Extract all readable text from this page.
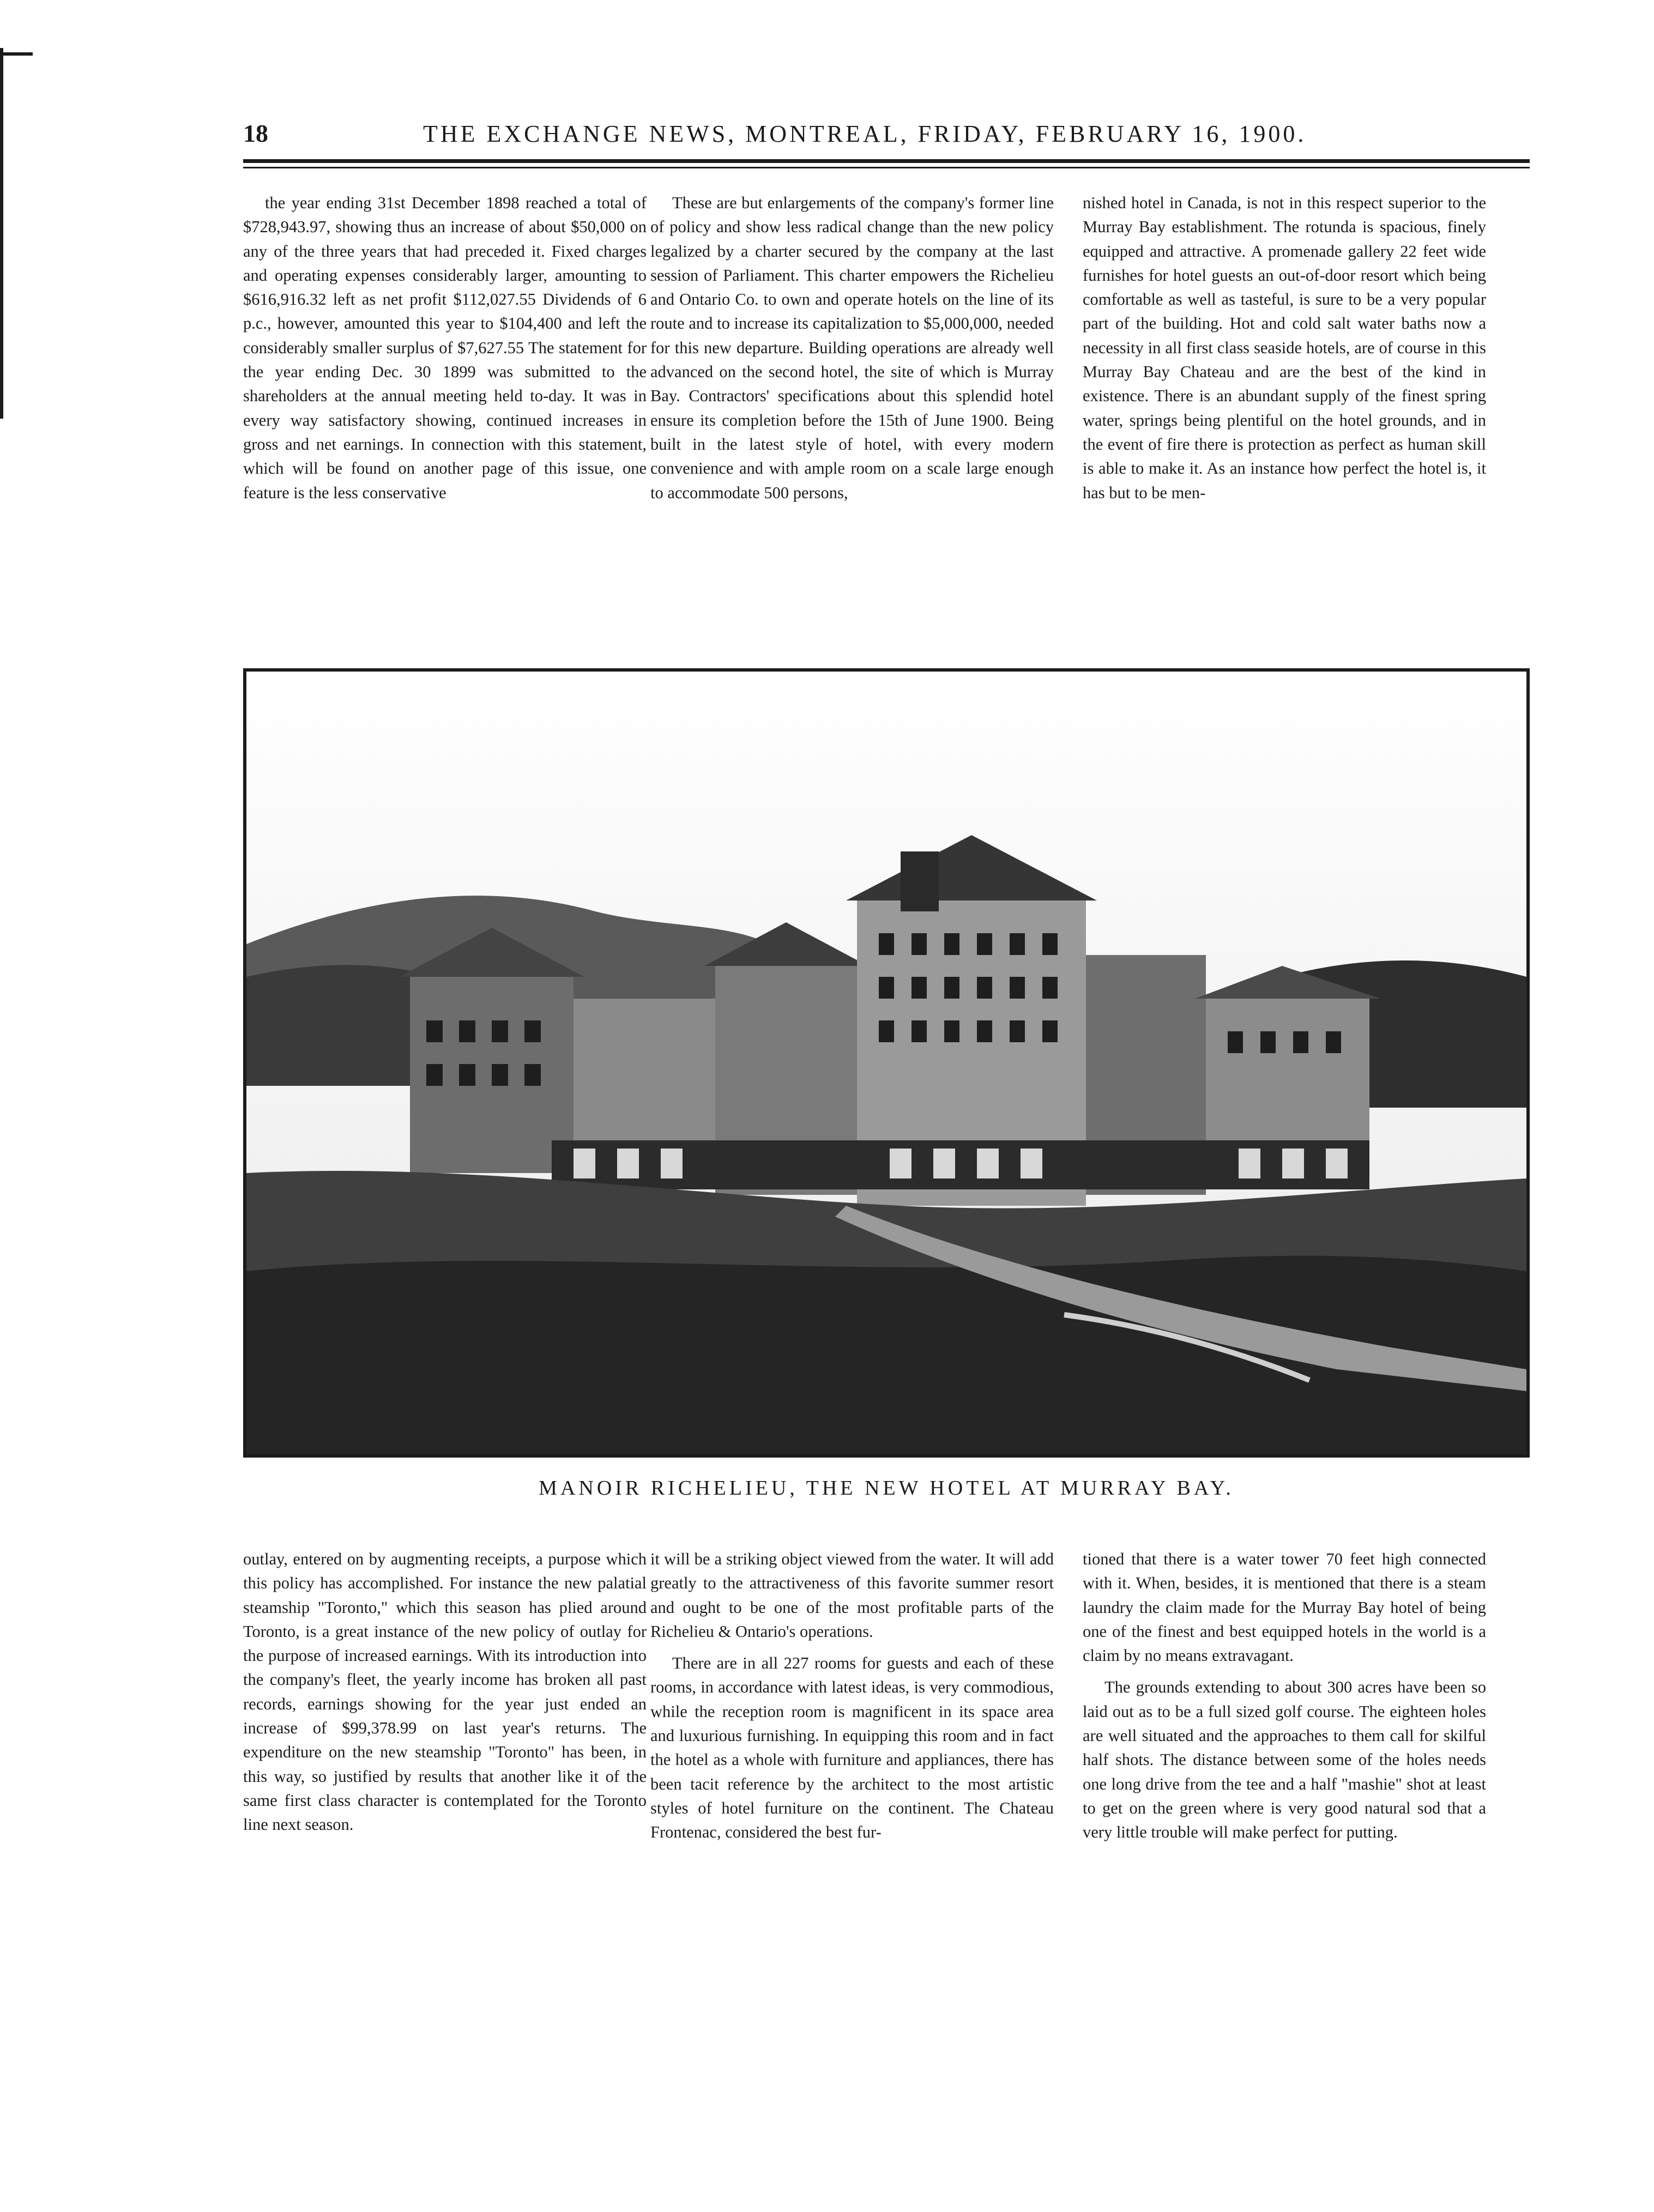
18	THE EXCHANGE NEWS, MONTREAL, FRIDAY, FEBRUARY 16, 1900.

the year ending 31st December 1898 reached a total of $728,943.97, showing thus an increase of about $50,000 on any of the three years that had preceded it. Fixed charges and operating expenses considerably larger, amounting to $616,916.32 left as net profit $112,027.55 Dividends of 6 p.c., however, amounted this year to $104,400 and left the considerably smaller surplus of $7,627.55 The statement for the year ending Dec. 30 1899 was submitted to the shareholders at the annual meeting held to-day. It was in every way satisfactory showing, continued increases in gross and net earnings. In connection with this statement, which will be found on another page of this issue, one feature is the less conservative

These are but enlargements of the company's former line of policy and show less radical change than the new policy legalized by a charter secured by the company at the last session of Parliament. This charter empowers the Richelieu and Ontario Co. to own and operate hotels on the line of its route and to increase its capitalization to $5,000,000, needed for this new departure. Building operations are already well advanced on the second hotel, the site of which is Murray Bay. Contractors' specifications about this splendid hotel ensure its completion before the 15th of June 1900. Being built in the latest style of hotel, with every modern convenience and with ample room on a scale large enough to accommodate 500 persons,

nished hotel in Canada, is not in this respect superior to the Murray Bay establishment. The rotunda is spacious, finely equipped and attractive. A promenade gallery 22 feet wide furnishes for hotel guests an out-of-door resort which being comfortable as well as tasteful, is sure to be a very popular part of the building. Hot and cold salt water baths now a necessity in all first class seaside hotels, are of course in this Murray Bay Chateau and are the best of the kind in existence. There is an abundant supply of the finest spring water, springs being plentiful on the hotel grounds, and in the event of fire there is protection as perfect as human skill is able to make it. As an instance how perfect the hotel is, it has but to be men-

MANOIR RICHELIEU, THE NEW HOTEL AT MURRAY BAY.

outlay, entered on by augmenting receipts, a purpose which this policy has accomplished. For instance the new palatial steamship "Toronto," which this season has plied around Toronto, is a great instance of the new policy of outlay for the purpose of increased earnings. With its introduction into the company's fleet, the yearly income has broken all past records, earnings showing for the year just ended an increase of $99,378.99 on last year's returns. The expenditure on the new steamship "Toronto" has been, in this way, so justified by results that another like it of the same first class character is contemplated for the Toronto line next season.

it will be a striking object viewed from the water. It will add greatly to the attractiveness of this favorite summer resort and ought to be one of the most profitable parts of the Richelieu & Ontario's operations.

There are in all 227 rooms for guests and each of these rooms, in accordance with latest ideas, is very commodious, while the reception room is magnificent in its space area and luxurious furnishing. In equipping this room and in fact the hotel as a whole with furniture and appliances, there has been tacit reference by the architect to the most artistic styles of hotel furniture on the continent. The Chateau Frontenac, considered the best fur-

tioned that there is a water tower 70 feet high connected with it. When, besides, it is mentioned that there is a steam laundry the claim made for the Murray Bay hotel of being one of the finest and best equipped hotels in the world is a claim by no means extravagant.

The grounds extending to about 300 acres have been so laid out as to be a full sized golf course. The eighteen holes are well situated and the approaches to them call for skilful half shots. The distance between some of the holes needs one long drive from the tee and a half "mashie" shot at least to get on the green where is very good natural sod that a very little trouble will make perfect for putting.
